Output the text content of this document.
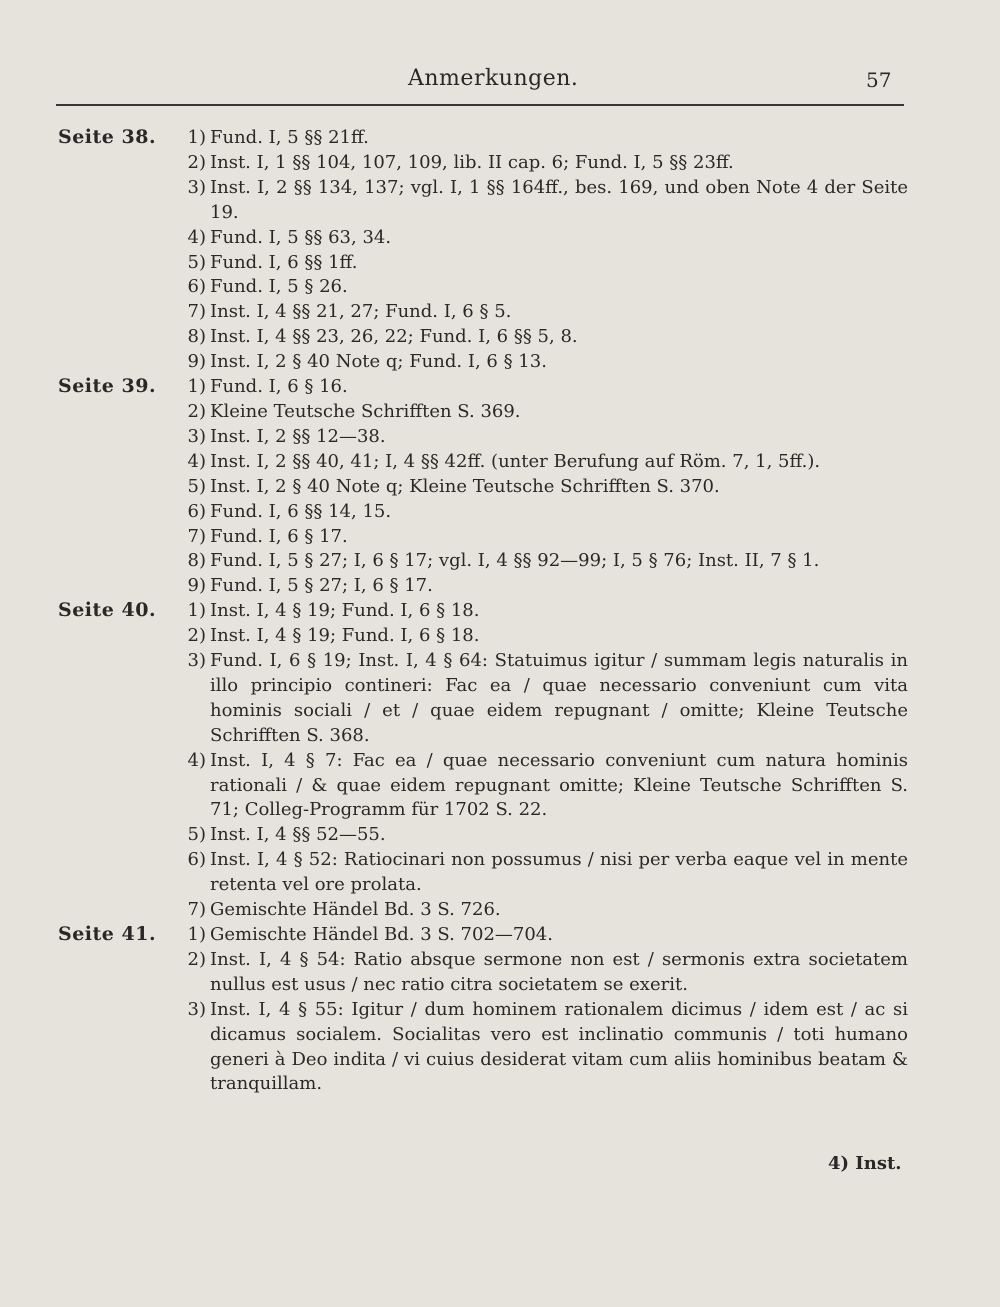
Anmerkungen.	57
Seite 38.	1) Fund. I, 5 §§ 21ff.
2) Inst. I, 1 §§ 104, 107, 109, lib. II cap. 6; Fund. I, 5 §§ 23ff.
3) Inst. I, 2 §§ 134, 137; vgl. I, 1 §§ 164ff., bes. 169, und oben Note 4 der Seite 19.
4) Fund. I, 5 §§ 63, 34.
5) Fund. I, 6 §§ 1ff.
6) Fund. I, 5 § 26.
7) Inst. I, 4 §§ 21, 27; Fund. I, 6 § 5.
8) Inst. I, 4 §§ 23, 26, 22; Fund. I, 6 §§ 5, 8.
9) Inst. I, 2 § 40 Note q; Fund. I, 6 § 13.
Seite 39.	1) Fund. I, 6 § 16.
2) Kleine Teutsche Schrifften S. 369.
3) Inst. I, 2 §§ 12—38.
4) Inst. I, 2 §§ 40, 41; I, 4 §§ 42ff. (unter Berufung auf Röm. 7, 1, 5ff.).
5) Inst. I, 2 § 40 Note q; Kleine Teutsche Schrifften S. 370.
6) Fund. I, 6 §§ 14, 15.
7) Fund. I, 6 § 17.
8) Fund. I, 5 § 27; I, 6 § 17; vgl. I, 4 §§ 92—99; I, 5 § 76; Inst. II, 7 § 1.
9) Fund. I, 5 § 27; I, 6 § 17.
Seite 40.	1) Inst. I, 4 § 19; Fund. I, 6 § 18.
2) Inst. I, 4 § 19; Fund. I, 6 § 18.
3) Fund. I, 6 § 19; Inst. I, 4 § 64: Statuimus igitur / summam legis naturalis in illo principio contineri: Fac ea / quae necessario conveniunt cum vita hominis sociali / et / quae eidem repugnant / omitte; Kleine Teutsche Schrifften S. 368.
4) Inst. I, 4 § 7: Fac ea / quae necessario conveniunt cum natura hominis rationali / & quae eidem repugnant omitte; Kleine Teutsche Schrifften S. 71; Colleg-Programm für 1702 S. 22.
5) Inst. I, 4 §§ 52—55.
6) Inst. I, 4 § 52: Ratiocinari non possumus / nisi per verba eaque vel in mente retenta vel ore prolata.
7) Gemischte Händel Bd. 3 S. 726.
Seite 41.	1) Gemischte Händel Bd. 3 S. 702—704.
2) Inst. I, 4 § 54: Ratio absque sermone non est / sermonis extra societatem nullus est usus / nec ratio citra societatem se exerit.
3) Inst. I, 4 § 55: Igitur / dum hominem rationalem dicimus / idem est / ac si dicamus socialem. Socialitas vero est inclinatio communis / toti humano generi à Deo indita / vi cuius desiderat vitam cum aliis hominibus beatam & tranquillam.
4) Inst.
